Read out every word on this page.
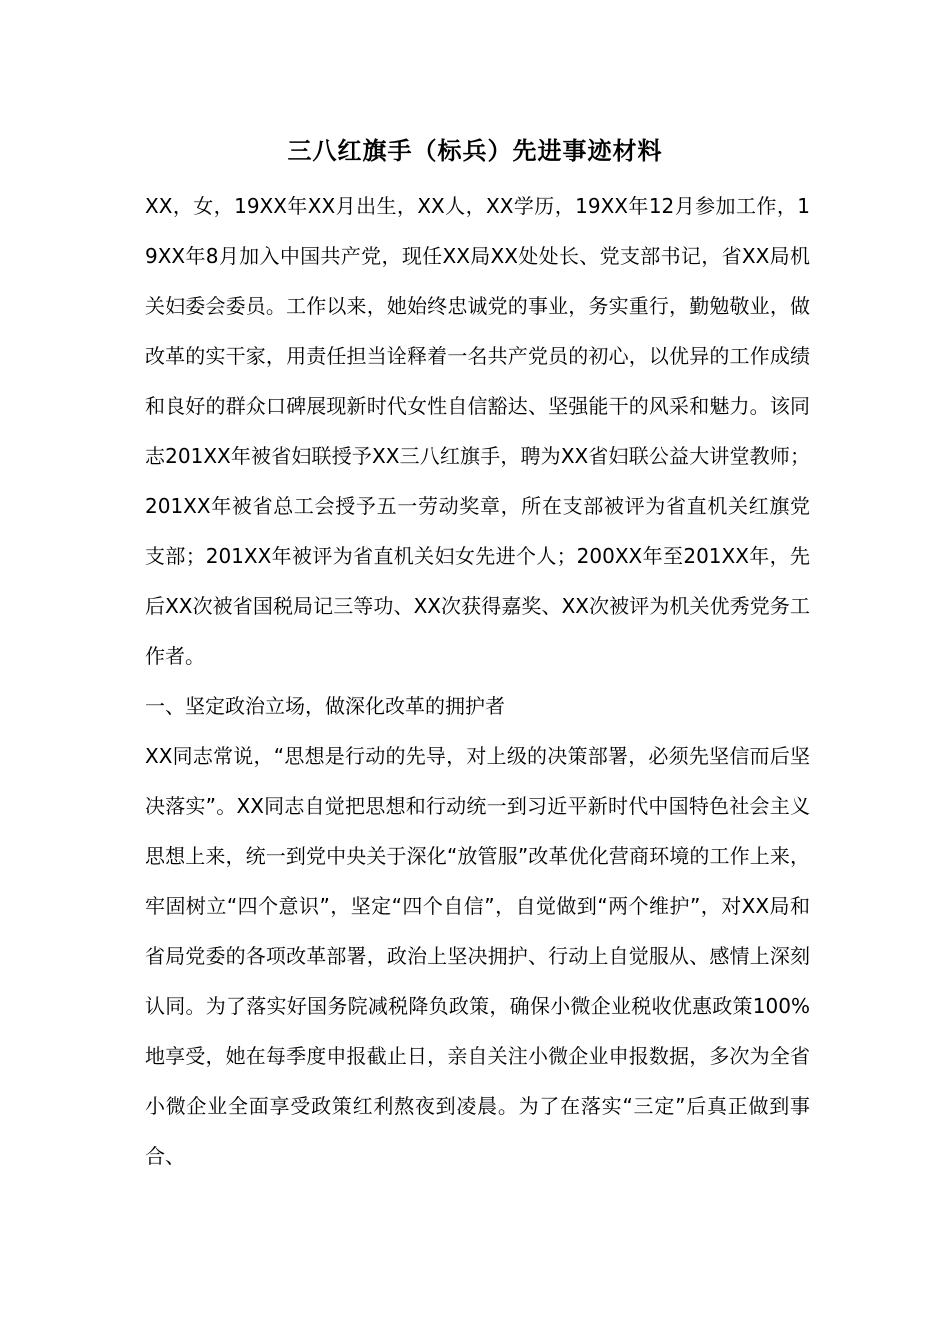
三八红旗手（标兵）先进事迹材料

XX，女，19XX年XX月出生，XX人，XX学历，19XX年12月参加工作，19XX年8月加入中国共产党，现任XX局XX处处长、党支部书记，省XX局机关妇委会委员。工作以来，她始终忠诚党的事业，务实重行，勤勉敬业，做改革的实干家，用责任担当诠释着一名共产党员的初心，以优异的工作成绩和良好的群众口碑展现新时代女性自信豁达、坚强能干的风采和魅力。该同志201XX年被省妇联授予XX三八红旗手，聘为XX省妇联公益大讲堂教师；201XX年被省总工会授予五一劳动奖章，所在支部被评为省直机关红旗党支部；201XX年被评为省直机关妇女先进个人；200XX年至201XX年，先后XX次被省国税局记三等功、XX次获得嘉奖、XX次被评为机关优秀党务工作者。

一、坚定政治立场，做深化改革的拥护者

XX同志常说，“思想是行动的先导，对上级的决策部署，必须先坚信而后坚决落实”。XX同志自觉把思想和行动统一到习近平新时代中国特色社会主义思想上来，统一到党中央关于深化“放管服”改革优化营商环境的工作上来，牢固树立“四个意识”，坚定“四个自信”，自觉做到“两个维护”，对XX局和省局党委的各项改革部署，政治上坚决拥护、行动上自觉服从、感情上深刻认同。为了落实好国务院减税降负政策，确保小微企业税收优惠政策100%地享受，她在每季度申报截止日，亲自关注小微企业申报数据，多次为全省小微企业全面享受政策红利熬夜到凌晨。为了在落实“三定”后真正做到事合、
